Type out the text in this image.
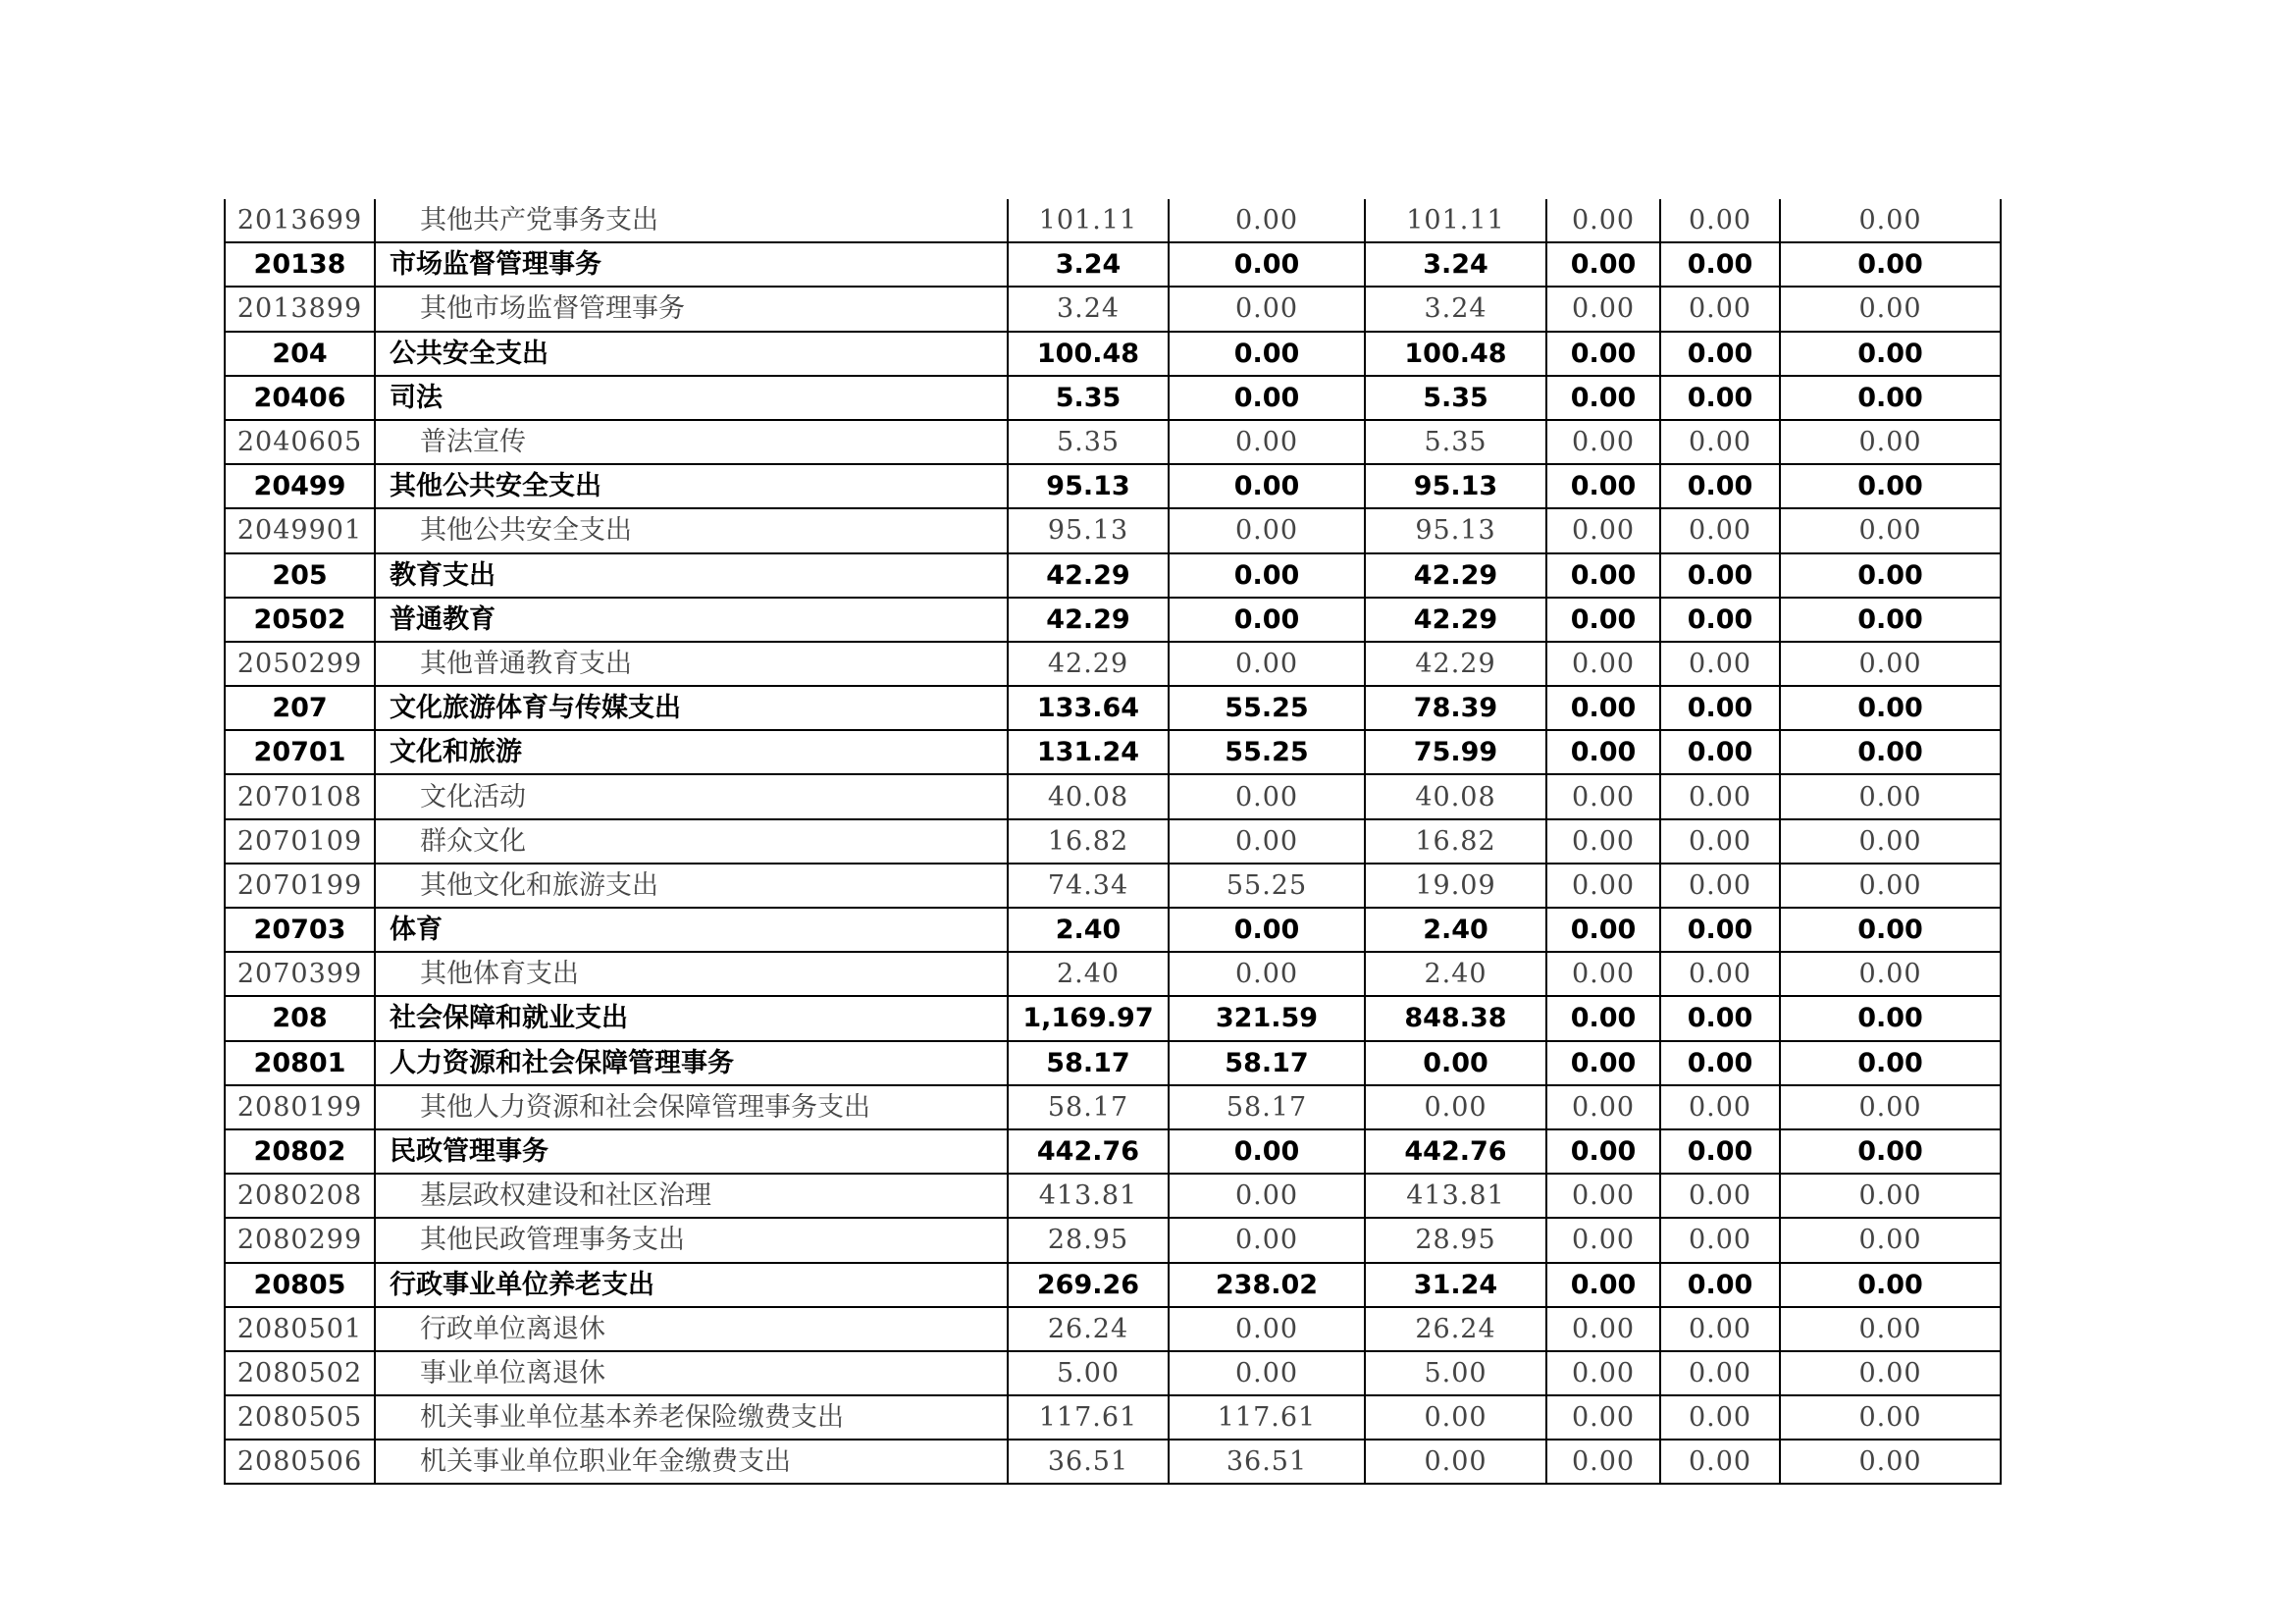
2013699	其他共产党事务支出	101.11	0.00	101.11	0.00	0.00	0.00
20138	市场监督管理事务	3.24	0.00	3.24	0.00	0.00	0.00
2013899	其他市场监督管理事务	3.24	0.00	3.24	0.00	0.00	0.00
204	公共安全支出	100.48	0.00	100.48	0.00	0.00	0.00
20406	司法	5.35	0.00	5.35	0.00	0.00	0.00
2040605	普法宣传	5.35	0.00	5.35	0.00	0.00	0.00
20499	其他公共安全支出	95.13	0.00	95.13	0.00	0.00	0.00
2049901	其他公共安全支出	95.13	0.00	95.13	0.00	0.00	0.00
205	教育支出	42.29	0.00	42.29	0.00	0.00	0.00
20502	普通教育	42.29	0.00	42.29	0.00	0.00	0.00
2050299	其他普通教育支出	42.29	0.00	42.29	0.00	0.00	0.00
207	文化旅游体育与传媒支出	133.64	55.25	78.39	0.00	0.00	0.00
20701	文化和旅游	131.24	55.25	75.99	0.00	0.00	0.00
2070108	文化活动	40.08	0.00	40.08	0.00	0.00	0.00
2070109	群众文化	16.82	0.00	16.82	0.00	0.00	0.00
2070199	其他文化和旅游支出	74.34	55.25	19.09	0.00	0.00	0.00
20703	体育	2.40	0.00	2.40	0.00	0.00	0.00
2070399	其他体育支出	2.40	0.00	2.40	0.00	0.00	0.00
208	社会保障和就业支出	1,169.97	321.59	848.38	0.00	0.00	0.00
20801	人力资源和社会保障管理事务	58.17	58.17	0.00	0.00	0.00	0.00
2080199	其他人力资源和社会保障管理事务支出	58.17	58.17	0.00	0.00	0.00	0.00
20802	民政管理事务	442.76	0.00	442.76	0.00	0.00	0.00
2080208	基层政权建设和社区治理	413.81	0.00	413.81	0.00	0.00	0.00
2080299	其他民政管理事务支出	28.95	0.00	28.95	0.00	0.00	0.00
20805	行政事业单位养老支出	269.26	238.02	31.24	0.00	0.00	0.00
2080501	行政单位离退休	26.24	0.00	26.24	0.00	0.00	0.00
2080502	事业单位离退休	5.00	0.00	5.00	0.00	0.00	0.00
2080505	机关事业单位基本养老保险缴费支出	117.61	117.61	0.00	0.00	0.00	0.00
2080506	机关事业单位职业年金缴费支出	36.51	36.51	0.00	0.00	0.00	0.00
